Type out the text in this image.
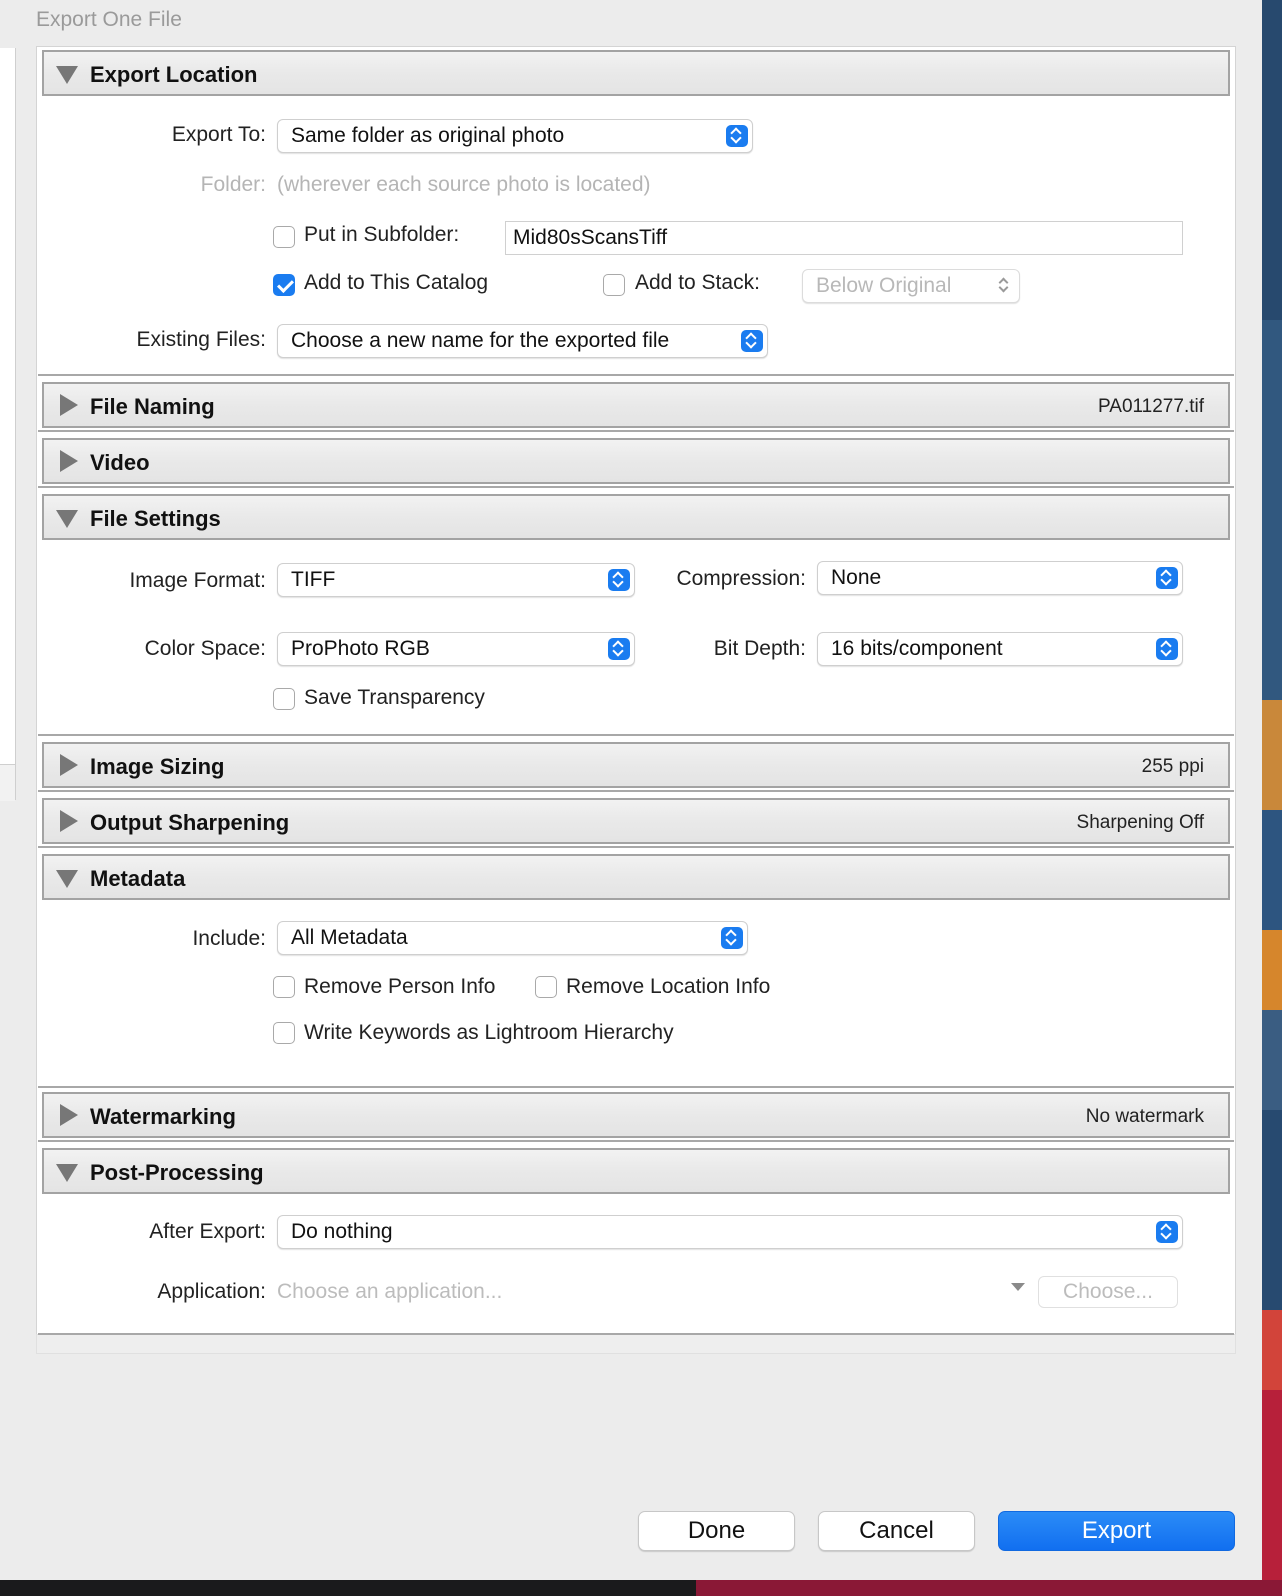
Export One File
Export Location
Export To: Same folder as original photo
Folder: (wherever each source photo is located)
Put in Subfolder:	Mid80sScansTiff
Add to This Catalog	Add to Stack:	Below Original
Existing Files: Choose a new name for the exported file
File Naming	PA011277.tif
Video
File Settings
Image Format: TIFF	Compression: None
Color Space: ProPhoto RGB	Bit Depth: 16 bits/component
Save Transparency
Image Sizing	255 ppi
Output Sharpening	Sharpening Off
Metadata
Include: All Metadata
Remove Person Info	Remove Location Info
Write Keywords as Lightroom Hierarchy
Watermarking	No watermark
Post-Processing
After Export: Do nothing
Application: Choose an application...	Choose...
Done	Cancel	Export
